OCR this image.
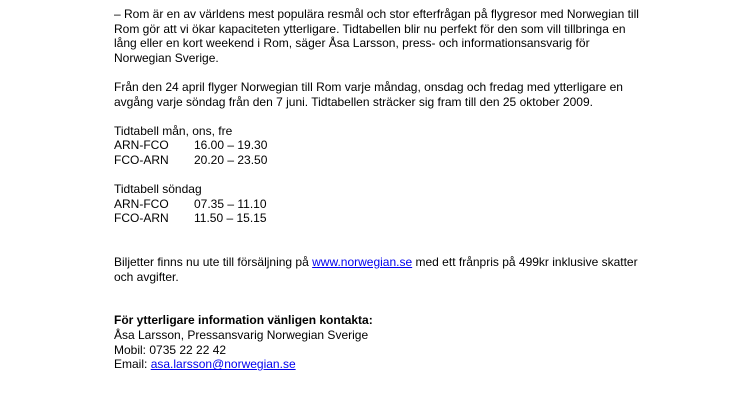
– Rom är en av världens mest populära resmål och stor efterfrågan på flygresor med Norwegian till Rom gör att vi ökar kapaciteten ytterligare. Tidtabellen blir nu perfekt för den som vill tillbringa en lång eller en kort weekend i Rom, säger Åsa Larsson, press- och informationsansvarig för Norwegian Sverige.

Från den 24 april flyger Norwegian till Rom varje måndag, onsdag och fredag med ytterligare en avgång varje söndag från den 7 juni. Tidtabellen sträcker sig fram till den 25 oktober 2009.

Tidtabell mån, ons, fre

ARN-FCO	16.00 – 19.30
FCO-ARN	20.20 – 23.50

Tidtabell söndag

ARN-FCO	07.35 – 11.10
FCO-ARN	11.50 – 15.15

Biljetter finns nu ute till försäljning på www.norwegian.se med ett frånpris på 499kr inklusive skatter och avgifter.

För ytterligare information vänligen kontakta:

Åsa Larsson, Pressansvarig Norwegian Sverige

Mobil: 0735 22 22 42

Email: asa.larsson@norwegian.se
